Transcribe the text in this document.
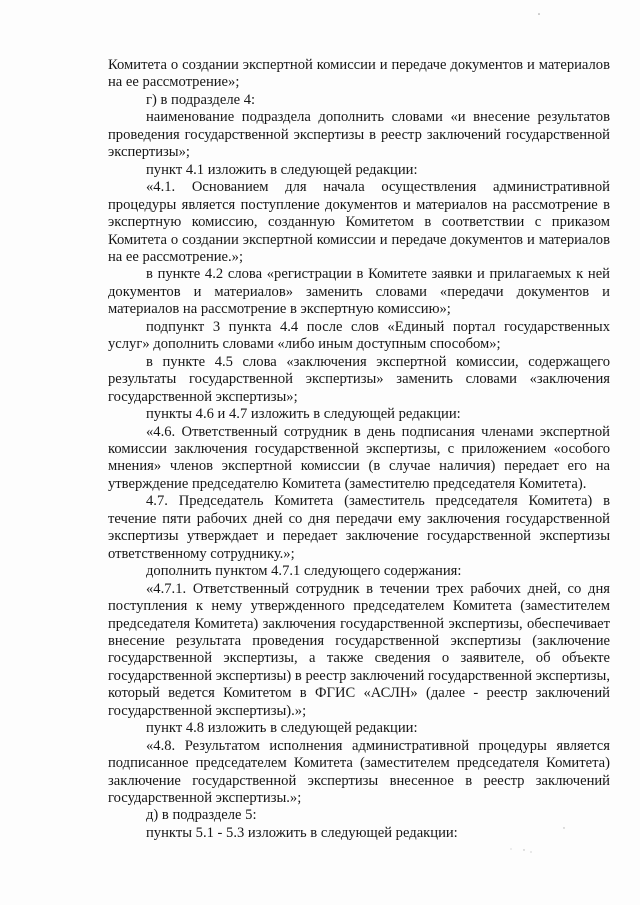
Комитета о создании экспертной комиссии и передаче документов и материалов на ее рассмотрение»;

г) в подразделе 4:

наименование подраздела дополнить словами «и внесение результатов проведения государственной экспертизы в реестр заключений государственной экспертизы»;

пункт 4.1 изложить в следующей редакции:

«4.1. Основанием для начала осуществления административной процедуры является поступление документов и материалов на рассмотрение в экспертную комиссию, созданную Комитетом в соответствии с приказом Комитета о создании экспертной комиссии и передаче документов и материалов на ее рассмотрение.»;

в пункте 4.2 слова «регистрации в Комитете заявки и прилагаемых к ней документов и материалов» заменить словами «передачи документов и материалов на рассмотрение в экспертную комиссию»;

подпункт 3 пункта 4.4 после слов «Единый портал государственных услуг» дополнить словами «либо иным доступным способом»;

в пункте 4.5 слова «заключения экспертной комиссии, содержащего результаты государственной экспертизы» заменить словами «заключения государственной экспертизы»;

пункты 4.6 и 4.7 изложить в следующей редакции:

«4.6. Ответственный сотрудник в день подписания членами экспертной комиссии заключения государственной экспертизы, с приложением «особого мнения» членов экспертной комиссии (в случае наличия) передает его на утверждение председателю Комитета (заместителю председателя Комитета).

4.7. Председатель Комитета (заместитель председателя Комитета) в течение пяти рабочих дней со дня передачи ему заключения государственной экспертизы утверждает и передает заключение государственной экспертизы ответственному сотруднику.»;

дополнить пунктом 4.7.1 следующего содержания:

«4.7.1. Ответственный сотрудник в течении трех рабочих дней, со дня поступления к нему утвержденного председателем Комитета (заместителем председателя Комитета) заключения государственной экспертизы, обеспечивает внесение результата проведения государственной экспертизы (заключение государственной экспертизы, а также сведения о заявителе, об объекте государственной экспертизы) в реестр заключений государственной экспертизы, который ведется Комитетом в ФГИС «АСЛН» (далее - реестр заключений государственной экспертизы).»;

пункт 4.8 изложить в следующей редакции:

«4.8. Результатом исполнения административной процедуры является подписанное председателем Комитета (заместителем председателя Комитета) заключение государственной экспертизы внесенное в реестр заключений государственной экспертизы.»;

д) в подразделе 5:

пункты 5.1 - 5.3 изложить в следующей редакции:
